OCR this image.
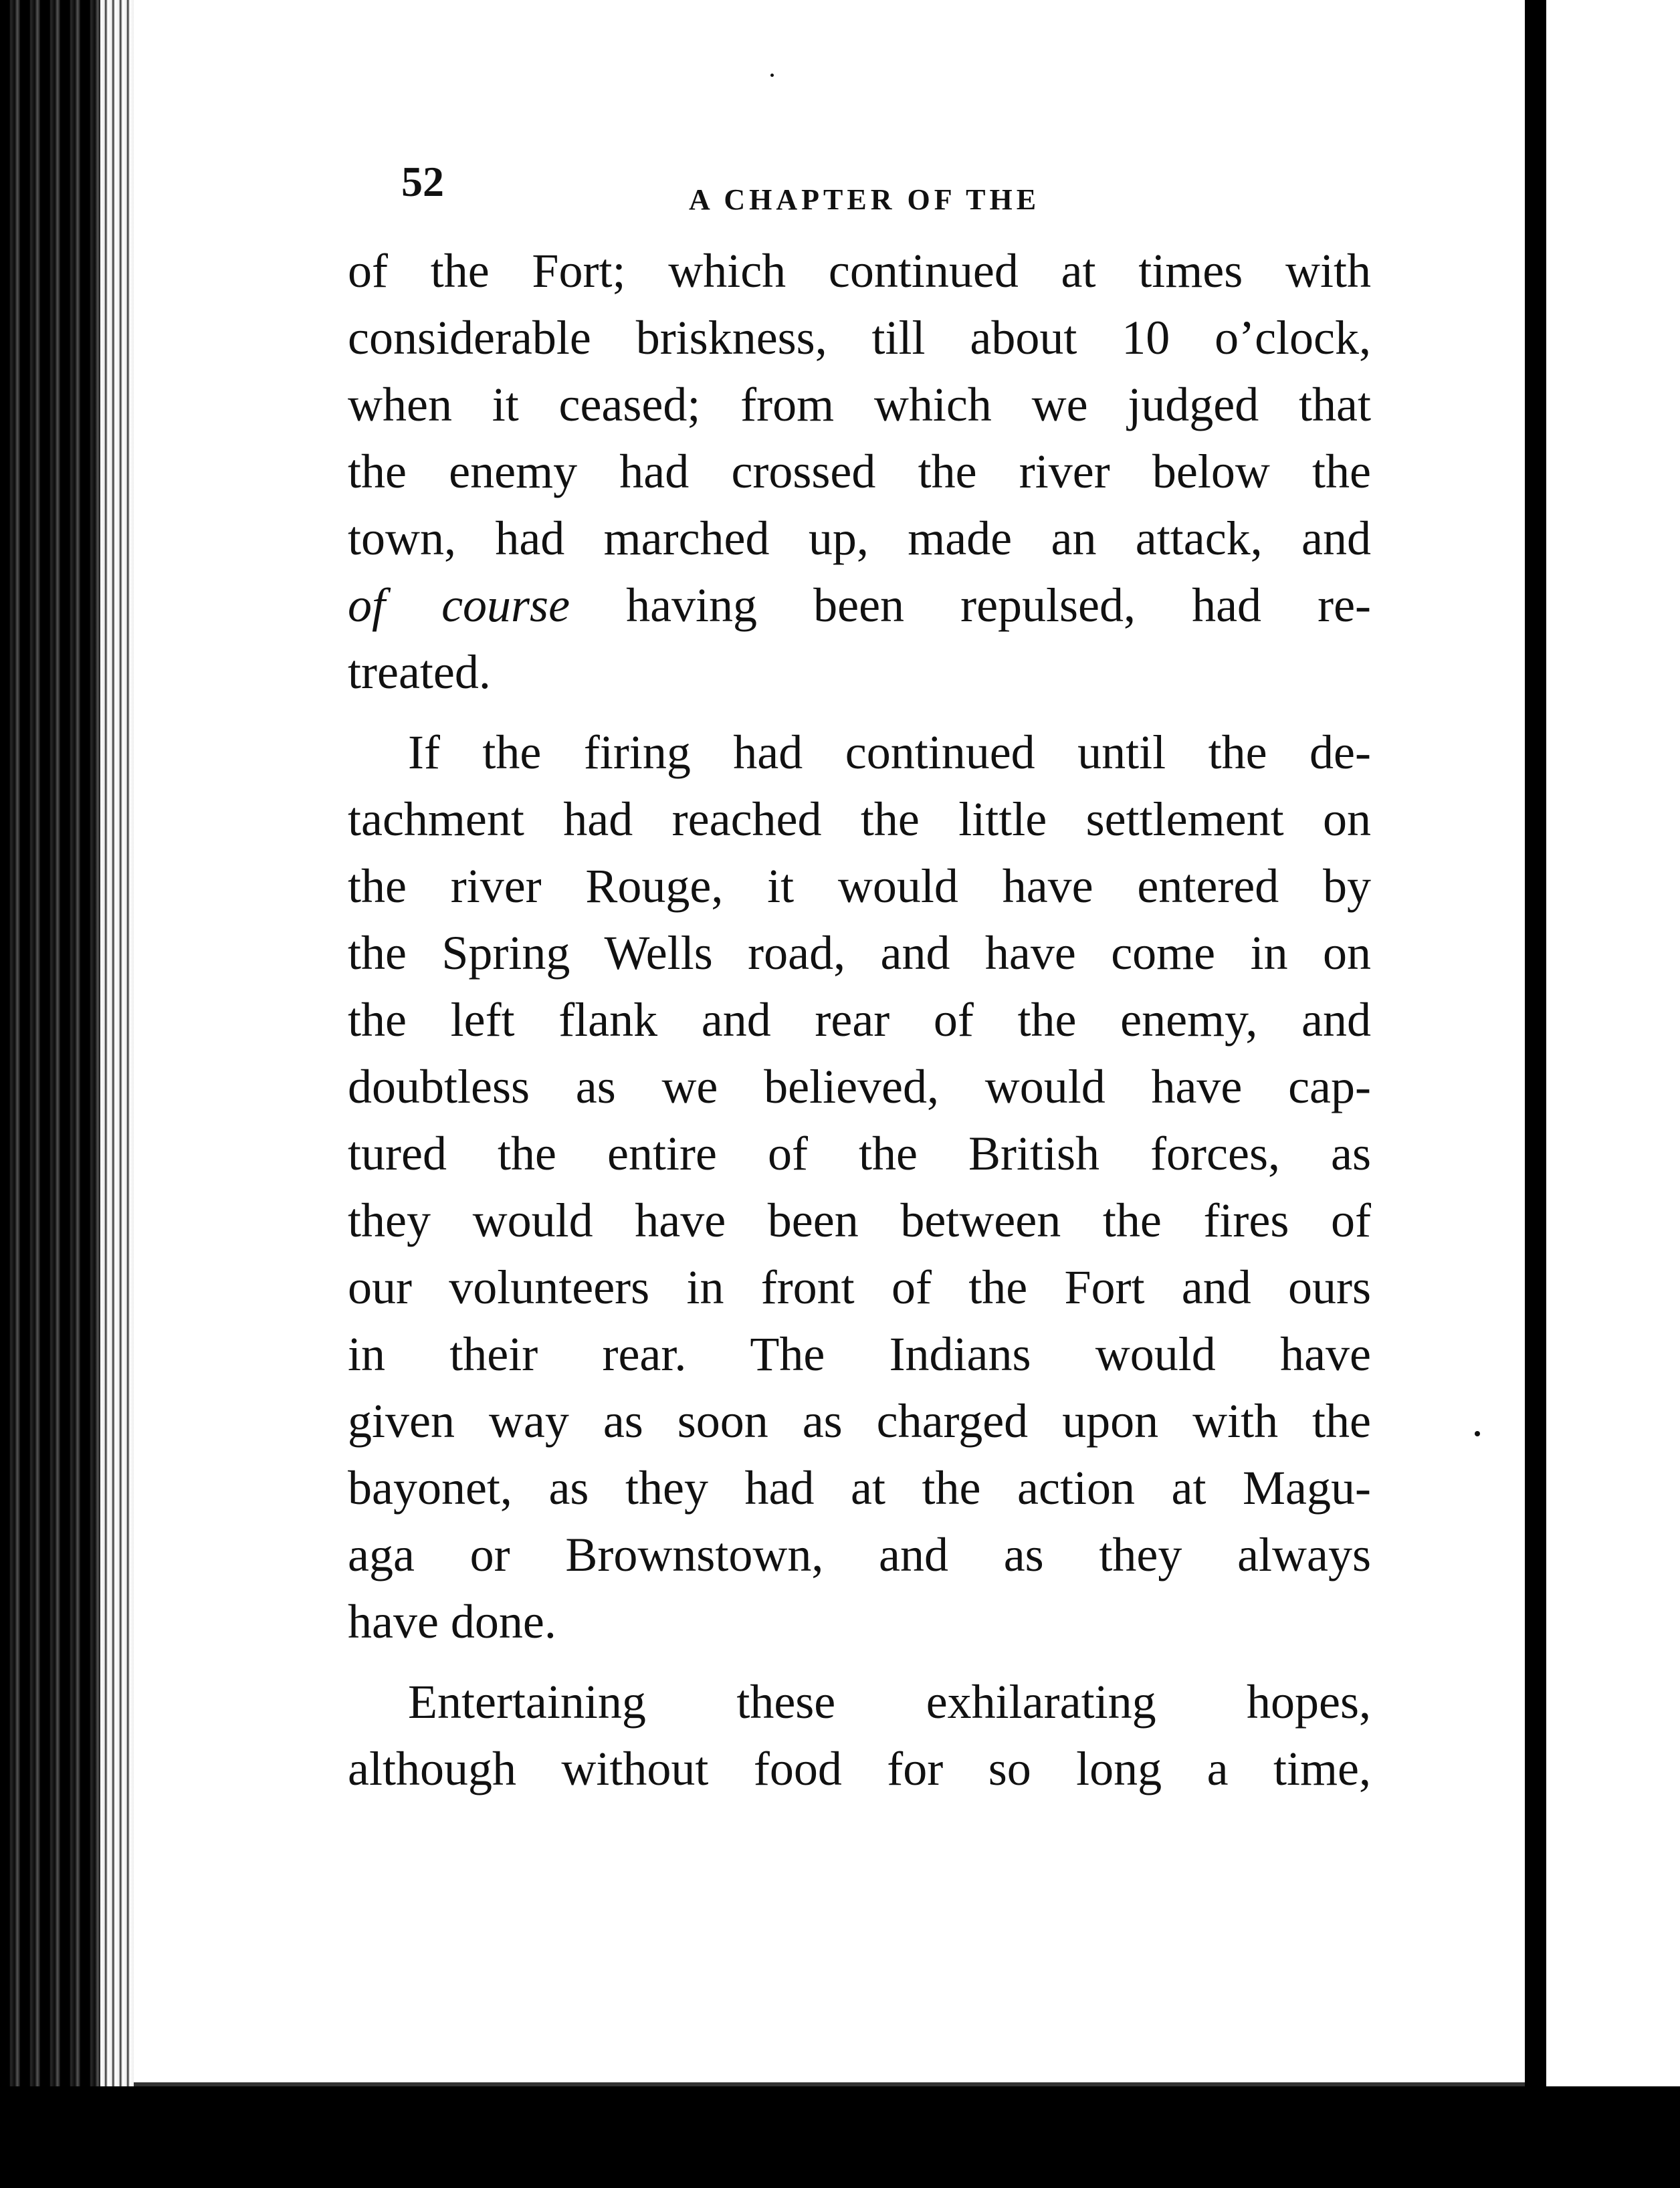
52	A CHAPTER OF THE

of the Fort; which continued at times with
considerable briskness, till about 10 o’clock,
when it ceased; from which we judged that
the enemy had crossed the river below the
town, had marched up, made an attack, and
of course having been repulsed, had re-
treated.

If the firing had continued until the de-
tachment had reached the little settlement on
the river Rouge, it would have entered by
the Spring Wells road, and have come in on
the left flank and rear of the enemy, and
doubtless as we believed, would have cap-
tured the entire of the British forces, as
they would have been between the fires of
our volunteers in front of the Fort and ours
in their rear. The Indians would have
given way as soon as charged upon with the
bayonet, as they had at the action at Magu-
aga or Brownstown, and as they always
have done.

Entertaining these exhilarating hopes,
although without food for so long a time,
